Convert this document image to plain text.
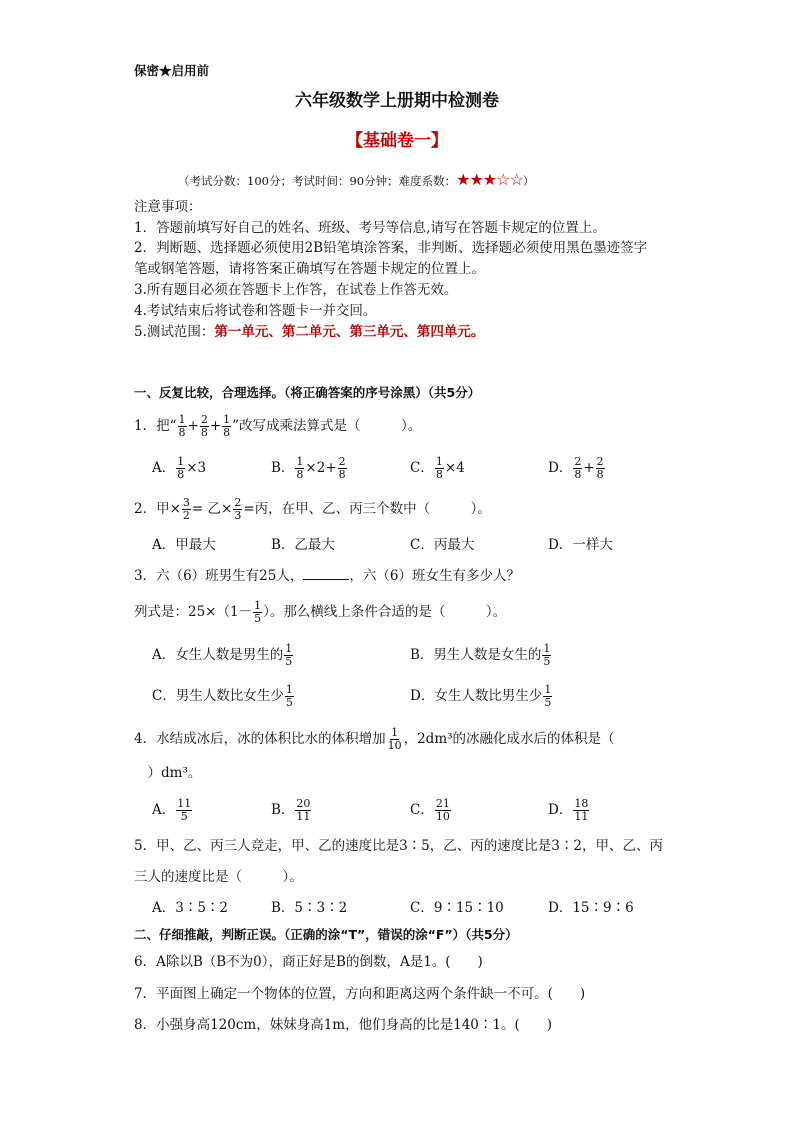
保密★启用前
六年级数学上册期中检测卷
【基础卷一】
（考试分数：100分；考试时间：90分钟；难度系数：★★★☆☆）
注意事项：
1．答题前填写好自己的姓名、班级、考号等信息,请写在答题卡规定的位置上。
2．判断题、选择题必须使用2B铅笔填涂答案，非判断、选择题必须使用黑色墨迹签字
笔或钢笔答题，请将答案正确填写在答题卡规定的位置上。
3.所有题目必须在答题卡上作答，在试卷上作答无效。
4.考试结束后将试卷和答题卡一并交回。
5.测试范围：第一单元、第二单元、第三单元、第四单元。
一、反复比较，合理选择。（将正确答案的序号涂黑）（共5分）
1．把“ $\frac{1}{8} + \frac{2}{8} + \frac{1}{8}$ ”改写成乘法算式是（　　　）。
A． $\frac{1}{8} \times 3$	B． $\frac{1}{8} \times 2+ \frac{2}{8}$	C． $\frac{1}{8} \times 4$	D． $\frac{2}{8} + \frac{2}{8}$
2．甲× $\frac{3}{2}$ = 乙× $\frac{2}{3}$ =丙，在甲、乙、丙三个数中（　　　）。
A．甲最大	B．乙最大	C．丙最大	D．一样大
3．六（6）班男生有25人，	，六（6）班女生有多少人？
列式是：$25\times(1- \frac{1}{5}$ ）。那么横线上条件合适的是（　　　）。
A．女生人数是男生的 $\frac{1}{5}$	B．男生人数是女生的 $\frac{1}{5}$
C．男生人数比女生少 $\frac{1}{5}$	D．女生人数比男生少 $\frac{1}{5}$
4．水结成冰后，冰的体积比水的体积增加 $\frac{1}{10}$ ，2dm³的冰融化成水后的体积是（
　）dm³。
A． $\frac{11}{5}$	B． $\frac{20}{11}$	C． $\frac{21}{10}$	D． $\frac{18}{11}$
5．甲、乙、丙三人竞走，甲、乙的速度比是3∶5，乙、丙的速度比是3∶2，甲、乙、丙
三人的速度比是（　　　）。
A．3∶5∶2	B．5∶3∶2	C．9∶15∶10	D．15∶9∶6
二、仔细推敲，判断正误。（正确的涂“T”，错误的涂“F”）（共5分）
6．A除以B（B不为0），商正好是B的倒数，A是1。(　　)
7．平面图上确定一个物体的位置，方向和距离这两个条件缺一不可。(　　)
8．小强身高120cm，妹妹身高1m，他们身高的比是140∶1。(　　)
